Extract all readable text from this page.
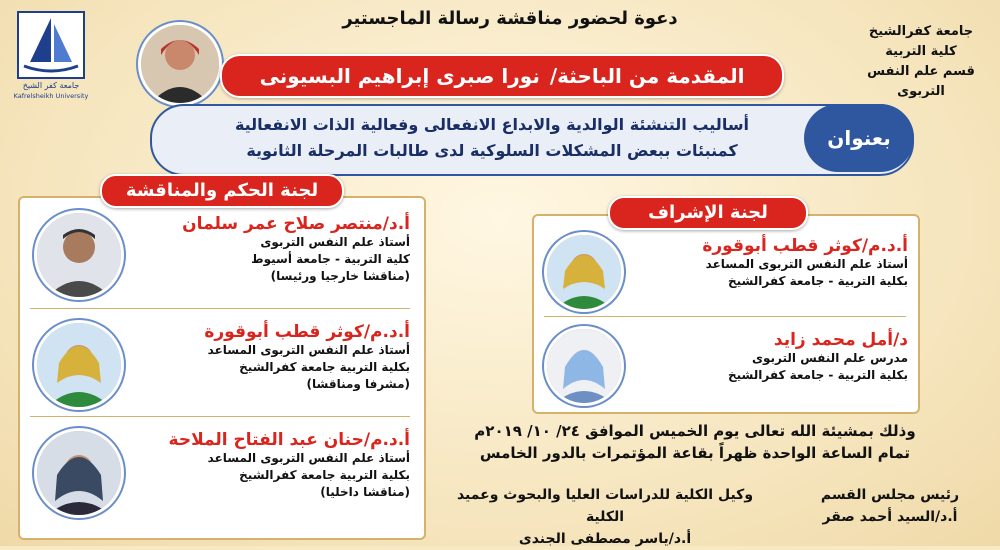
جامعة كفر الشيخ
Kafrelsheikh University
جامعة كفرالشيخ
كلية التربية
قسم علم النفس التربوى
دعوة لحضور مناقشة رسالة الماجستير
المقدمة من الباحثة/
نورا صبرى إبراهيم البسيونى
بعنوان
أساليب التنشئة الوالدية والابداع الانفعالى وفعالية الذات الانفعالية
كمنبئات ببعض المشكلات السلوكية لدى طالبات المرحلة الثانوية
لجنة الحكم والمناقشة
أ.د/منتصر صلاح عمر سلمان
أستاذ علم النفس التربوى
كلية التربية - جامعة أسيوط
(مناقشا خارجيا ورئيسا)
أ.د.م/كوثر قطب أبوقورة
أستاذ علم النفس التربوى المساعد
بكلية التربية جامعة كفرالشيخ
(مشرفا ومناقشا)
أ.د.م/حنان عبد الفتاح الملاحة
أستاذ علم النفس التربوى المساعد
بكلية التربية جامعة كفرالشيخ
(مناقشا داخليا)
لجنة الإشراف
أ.د.م/كوثر قطب أبوقورة
أستاذ علم النفس التربوى المساعد
بكلية التربية - جامعة كفرالشيخ
د/أمل محمد زايد
مدرس علم النفس التربوى
بكلية التربية - جامعة كفرالشيخ
وذلك بمشيئة الله تعالى يوم الخميس الموافق ٢٤/ ١٠/ ٢٠١٩م
تمام الساعة الواحدة ظهراً بقاعة المؤتمرات بالدور الخامس
وكيل الكلية للدراسات العليا والبحوث وعميد الكلية
أ.د/ياسر مصطفى الجندى
رئيس مجلس القسم
أ.د/السيد أحمد صقر
